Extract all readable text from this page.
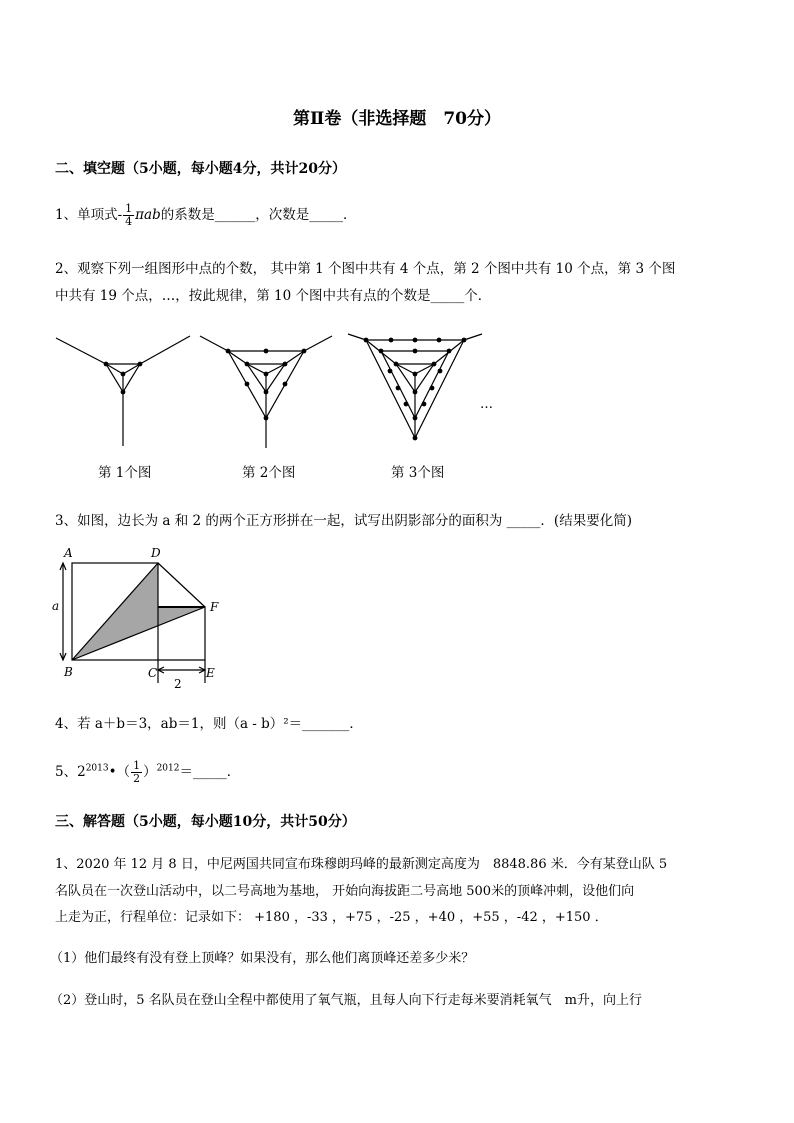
第Ⅱ卷（非选择题　70分）
二、填空题（5小题，每小题4分，共计20分）
1、单项式- $\frac{1}{4}$ πab的系数是______，次数是_____．
2、观察下列一组图形中点的个数， 其中第 1 个图中共有 4 个点，第 2 个图中共有 10 个点，第 3 个图
中共有 19 个点，…，按此规律，第 10 个图中共有点的个数是_____个．
…
第 1个图	第 2个图	第 3个图
3、如图，边长为 a 和 2 的两个正方形拼在一起，试写出阴影部分的面积为 _____．(结果要化简)
A	D
B	C	E
F
a
2
4、若 a＋b＝3，ab＝1，则（a - b）²＝_______．
5、$2^{2013}•( \frac{1}{2}$ ）$^{2012}$＝_____．
三、解答题（5小题，每小题10分，共计50分）
1、2020 年 12 月 8 日，中尼两国共同宣布珠穆朗玛峰的最新测定高度为　8848.86 米．今有某登山队 5
名队员在一次登山活动中，以二号高地为基地， 开始向海拔距二号高地 500米的顶峰冲刺，设他们向
上走为正，行程单位：记录如下： +180 ，-33 ，+75 ，-25 ，+40 ，+55 ，-42 ，+150 ．
（1）他们最终有没有登上顶峰？如果没有，那么他们离顶峰还差多少米？
（2）登山时，5 名队员在登山全程中都使用了氧气瓶，且每人向下行走每米要消耗氧气　m升，向上行
